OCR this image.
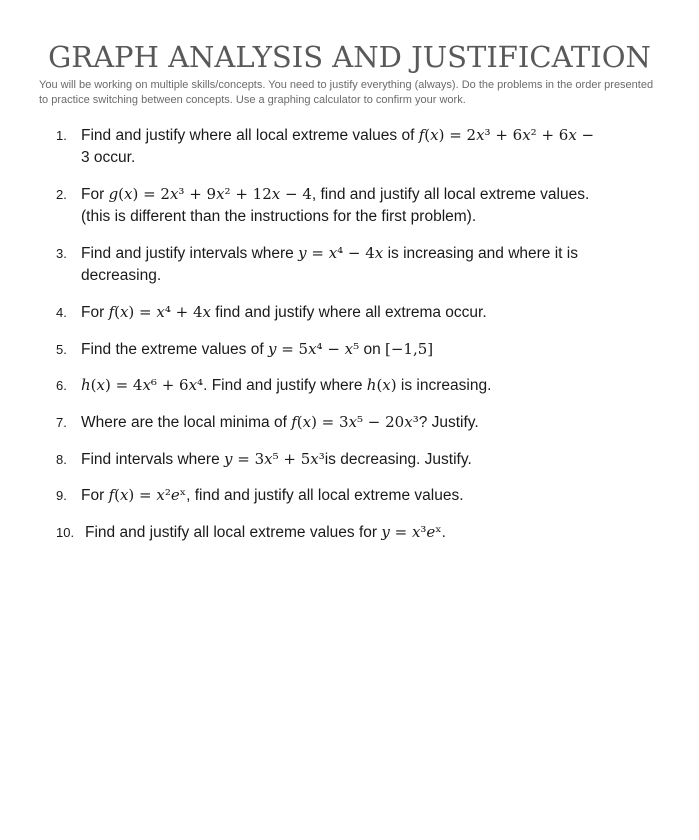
GRAPH ANALYSIS AND JUSTIFICATION
You will be working on multiple skills/concepts. You need to justify everything (always). Do the problems in the order presented to practice switching between concepts. Use a graphing calculator to confirm your work.
1. Find and justify where all local extreme values of 𝑓(𝑥) = 2𝑥³ + 6𝑥² + 6𝑥 −
3 occur.
2. For 𝑔(𝑥) = 2𝑥³ + 9𝑥² + 12𝑥 − 4, find and justify all local extreme values.
(this is different than the instructions for the first problem).
3. Find and justify intervals where 𝑦 = 𝑥⁴ − 4𝑥 is increasing and where it is
decreasing.
4. For 𝑓(𝑥) = 𝑥⁴ + 4𝑥 find and justify where all extrema occur.
5. Find the extreme values of 𝑦 = 5𝑥⁴ − 𝑥⁵ on [−1,5]
6. ℎ(𝑥) = 4𝑥⁶ + 6𝑥⁴. Find and justify where ℎ(𝑥) is increasing.
7. Where are the local minima of 𝑓(𝑥) = 3𝑥⁵ − 20𝑥³? Justify.
8. Find intervals where 𝑦 = 3𝑥⁵ + 5𝑥³is decreasing. Justify.
9. For 𝑓(𝑥) = 𝑥²𝑒ˣ, find and justify all local extreme values.
10. Find and justify all local extreme values for 𝑦 = 𝑥³𝑒ˣ.
